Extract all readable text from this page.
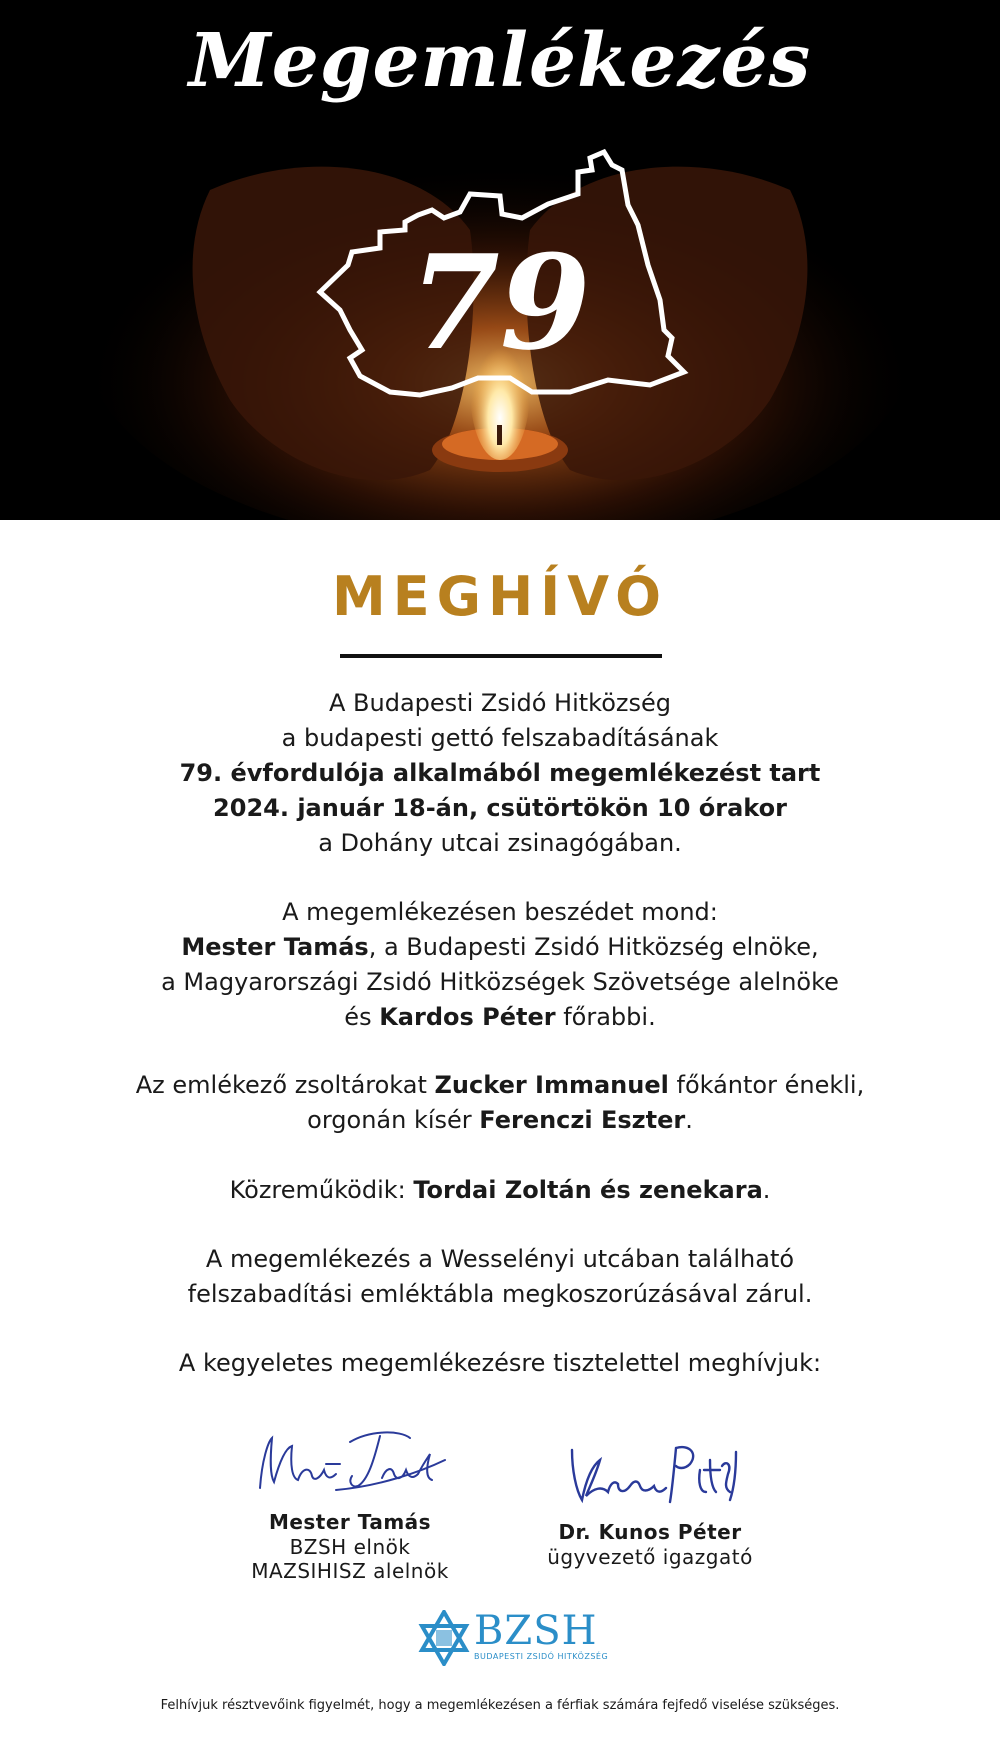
Megemlékezés
79
MEGHÍVÓ
A Budapesti Zsidó Hitközség
a budapesti gettó felszabadításának
79. évfordulója alkalmából megemlékezést tart
2024. január 18-án, csütörtökön 10 órakor
a Dohány utcai zsinagógában.
A megemlékezésen beszédet mond:
Mester Tamás, a Budapesti Zsidó Hitközség elnöke,
a Magyarországi Zsidó Hitközségek Szövetsége alelnöke
és Kardos Péter főrabbi.
Az emlékező zsoltárokat Zucker Immanuel főkántor énekli,
orgonán kísér Ferenczi Eszter.
Közreműködik: Tordai Zoltán és zenekara.
A megemlékezés a Wesselényi utcában található
felszabadítási emléktábla megkoszorúzásával zárul.
A kegyeletes megemlékezésre tisztelettel meghívjuk:
Mester Tamás
BZSH elnök
MAZSIHISZ alelnök
Dr. Kunos Péter
ügyvezető igazgató
BZSH
BUDAPESTI ZSIDÓ HITKÖZSÉG
Felhívjuk résztvevőink figyelmét, hogy a megemlékezésen a férfiak számára fejfedő viselése szükséges.
